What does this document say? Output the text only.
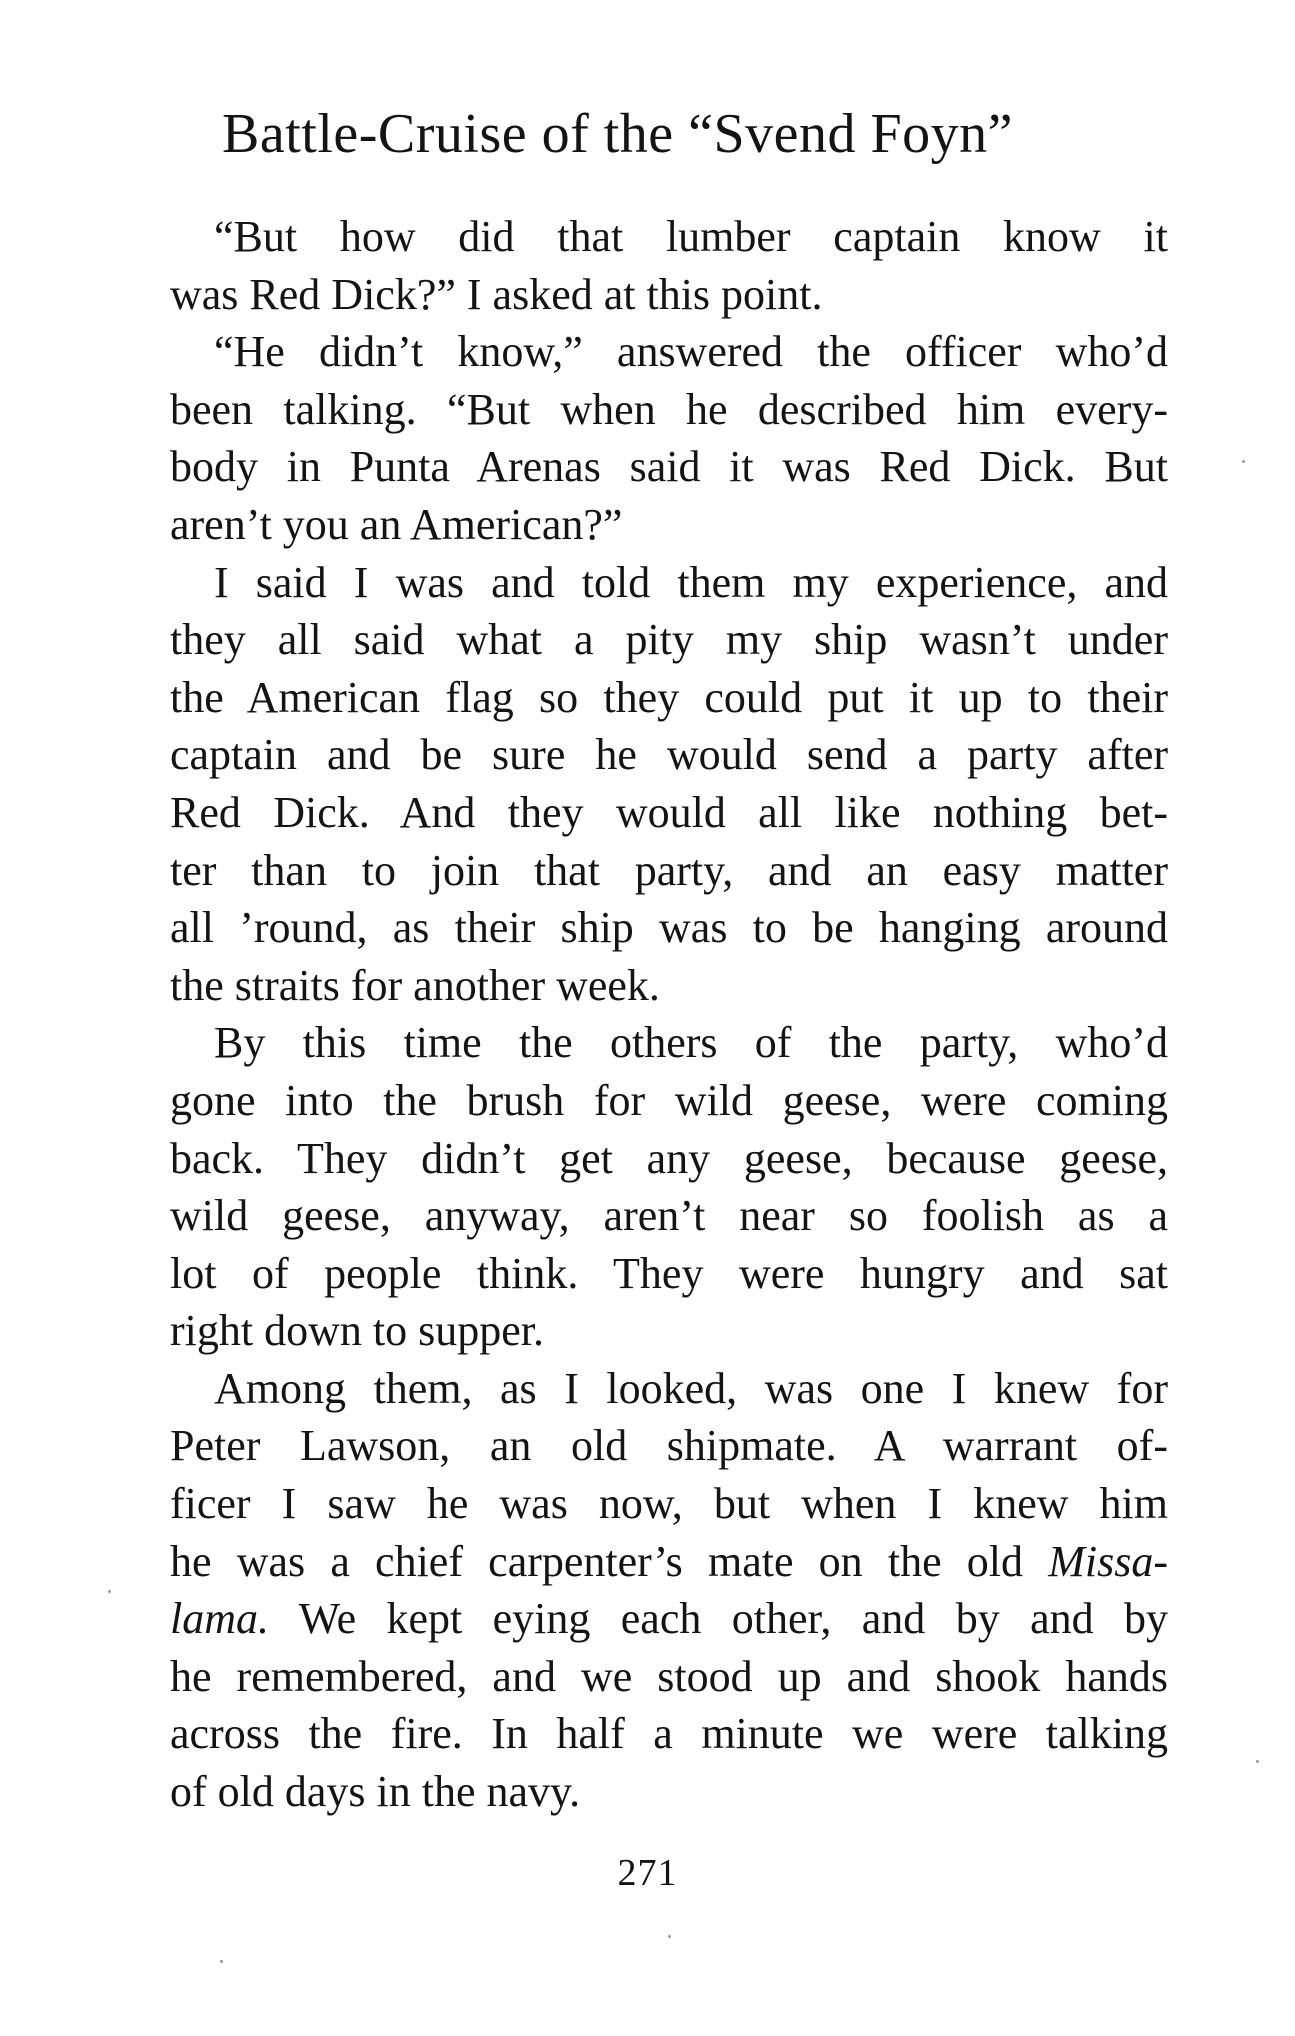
Battle-Cruise of the “Svend Foyn”
“But how did that lumber captain know it
was Red Dick?” I asked at this point.
“He didn’t know,” answered the officer who’d
been talking. “But when he described him every-
body in Punta Arenas said it was Red Dick. But
aren’t you an American?”
I said I was and told them my experience, and
they all said what a pity my ship wasn’t under
the American flag so they could put it up to their
captain and be sure he would send a party after
Red Dick. And they would all like nothing bet-
ter than to join that party, and an easy matter
all ’round, as their ship was to be hanging around
the straits for another week.
By this time the others of the party, who’d
gone into the brush for wild geese, were coming
back. They didn’t get any geese, because geese,
wild geese, anyway, aren’t near so foolish as a
lot of people think. They were hungry and sat
right down to supper.
Among them, as I looked, was one I knew for
Peter Lawson, an old shipmate. A warrant of-
ficer I saw he was now, but when I knew him
he was a chief carpenter’s mate on the old Missa-
lama. We kept eying each other, and by and by
he remembered, and we stood up and shook hands
across the fire. In half a minute we were talking
of old days in the navy.
271
